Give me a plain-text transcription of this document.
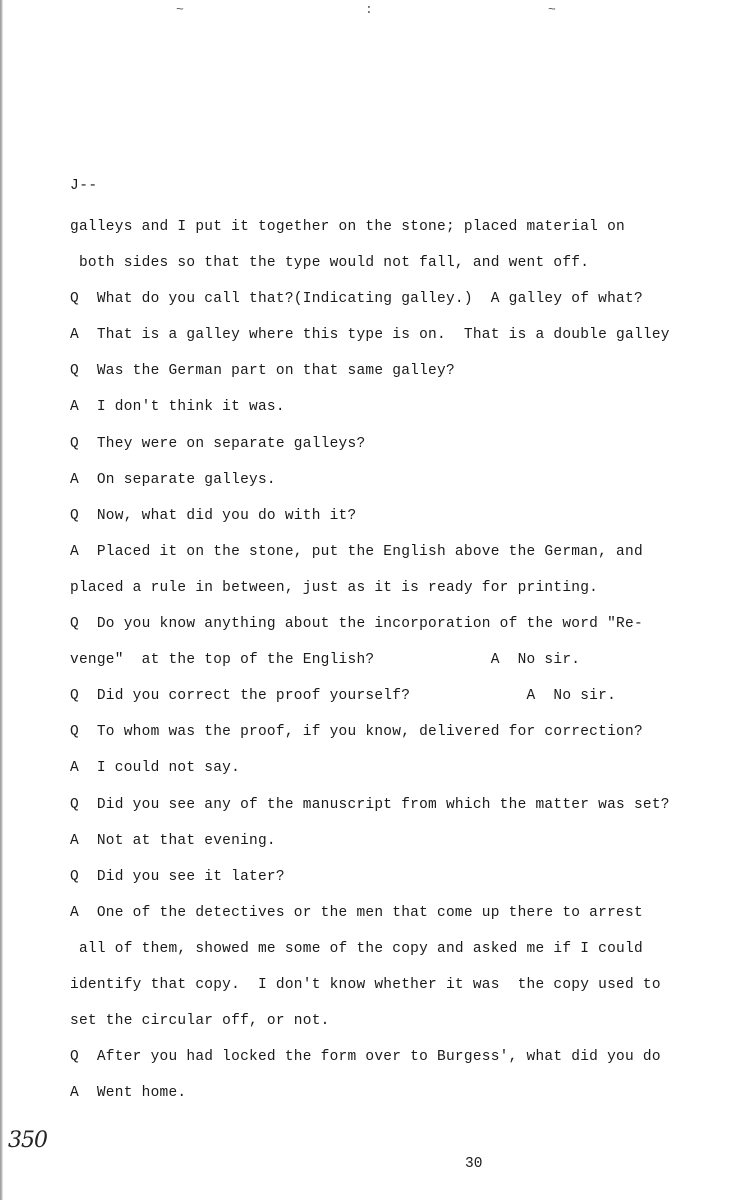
~	:	~
J--
galleys and I put it together on the stone; placed material on
both sides so that the type would not fall, and went off.
Q  What do you call that?(Indicating galley.)  A galley of what?
A  That is a galley where this type is on.  That is a double galley
Q  Was the German part on that same galley?
A  I don't think it was.
Q  They were on separate galleys?
A  On separate galleys.
Q  Now, what did you do with it?
A  Placed it on the stone, put the English above the German, and
placed a rule in between, just as it is ready for printing.
Q  Do you know anything about the incorporation of the word "Re-
venge"  at the top of the English?             A  No sir.
Q  Did you correct the proof yourself?             A  No sir.
Q  To whom was the proof, if you know, delivered for correction?
A  I could not say.
Q  Did you see any of the manuscript from which the matter was set?
A  Not at that evening.
Q  Did you see it later?
A  One of the detectives or the men that come up there to arrest
all of them, showed me some of the copy and asked me if I could
identify that copy.  I don't know whether it was  the copy used to
set the circular off, or not.
Q  After you had locked the form over to Burgess', what did you do
A  Went home.
350
30
